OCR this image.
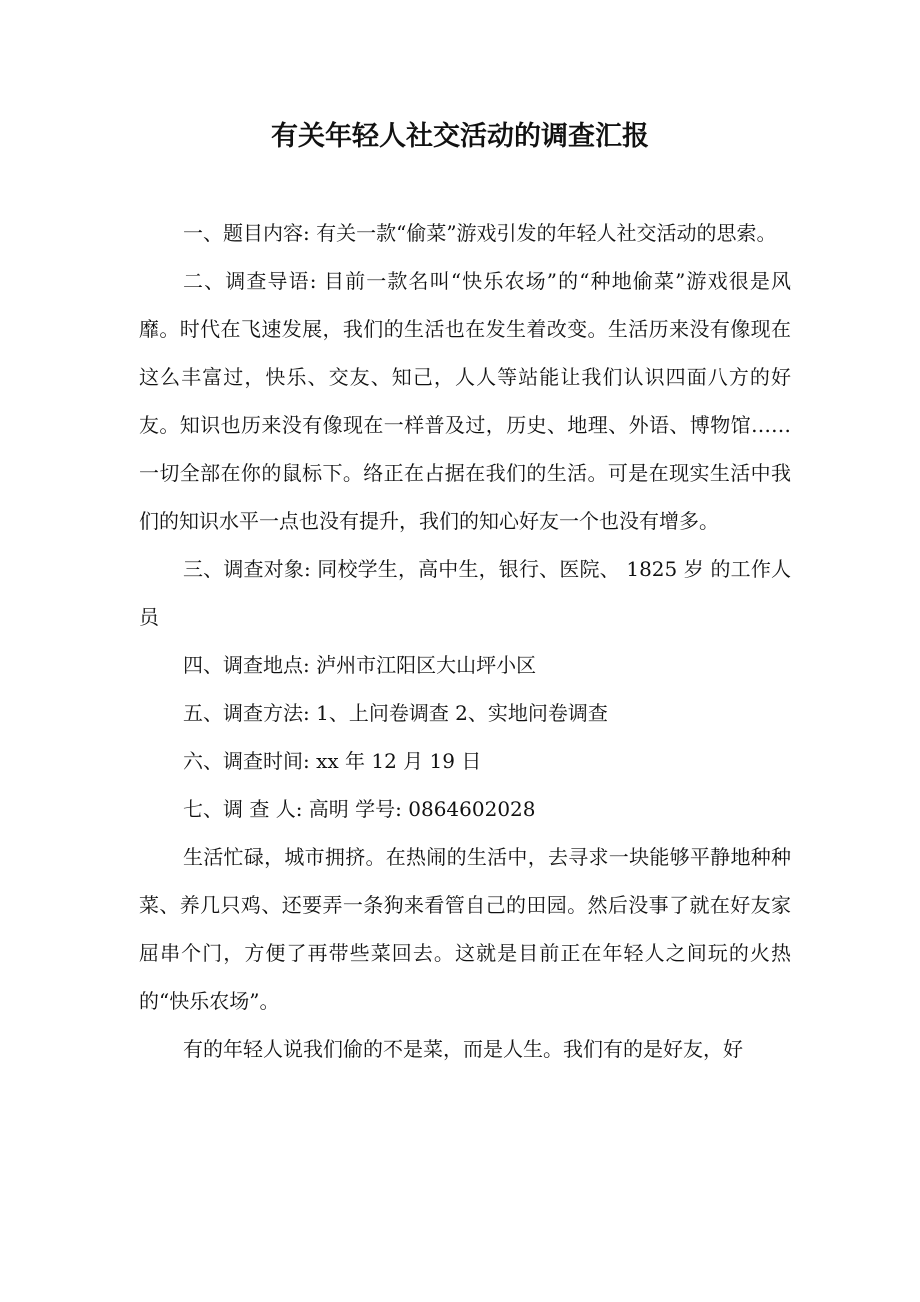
有关年轻人社交活动的调查汇报

一、题目内容: 有关一款“偷菜”游戏引发的年轻人社交活动的思索。

二、调查导语: 目前一款名叫“快乐农场”的“种地偷菜”游戏很是风靡。时代在飞速发展，我们的生活也在发生着改变。生活历来没有像现在这么丰富过，快乐、交友、知己，人人等站能让我们认识四面八方的好友。知识也历来没有像现在一样普及过，历史、地理、外语、博物馆……一切全部在你的鼠标下。络正在占据在我们的生活。可是在现实生活中我们的知识水平一点也没有提升，我们的知心好友一个也没有增多。

三、调查对象: 同校学生，高中生，银行、医院、 1825 岁 的工作人员

四、调查地点: 泸州市江阳区大山坪小区

五、调查方法: 1、上问卷调查 2、实地问卷调查

六、调查时间: xx 年 12 月 19 日

七、调 查 人: 高明 学号: 0864602028

生活忙碌，城市拥挤。在热闹的生活中，去寻求一块能够平静地种种菜、养几只鸡、还要弄一条狗来看管自己的田园。然后没事了就在好友家屈串个门，方便了再带些菜回去。这就是目前正在年轻人之间玩的火热的“快乐农场”。

有的年轻人说我们偷的不是菜，而是人生。我们有的是好友，好
